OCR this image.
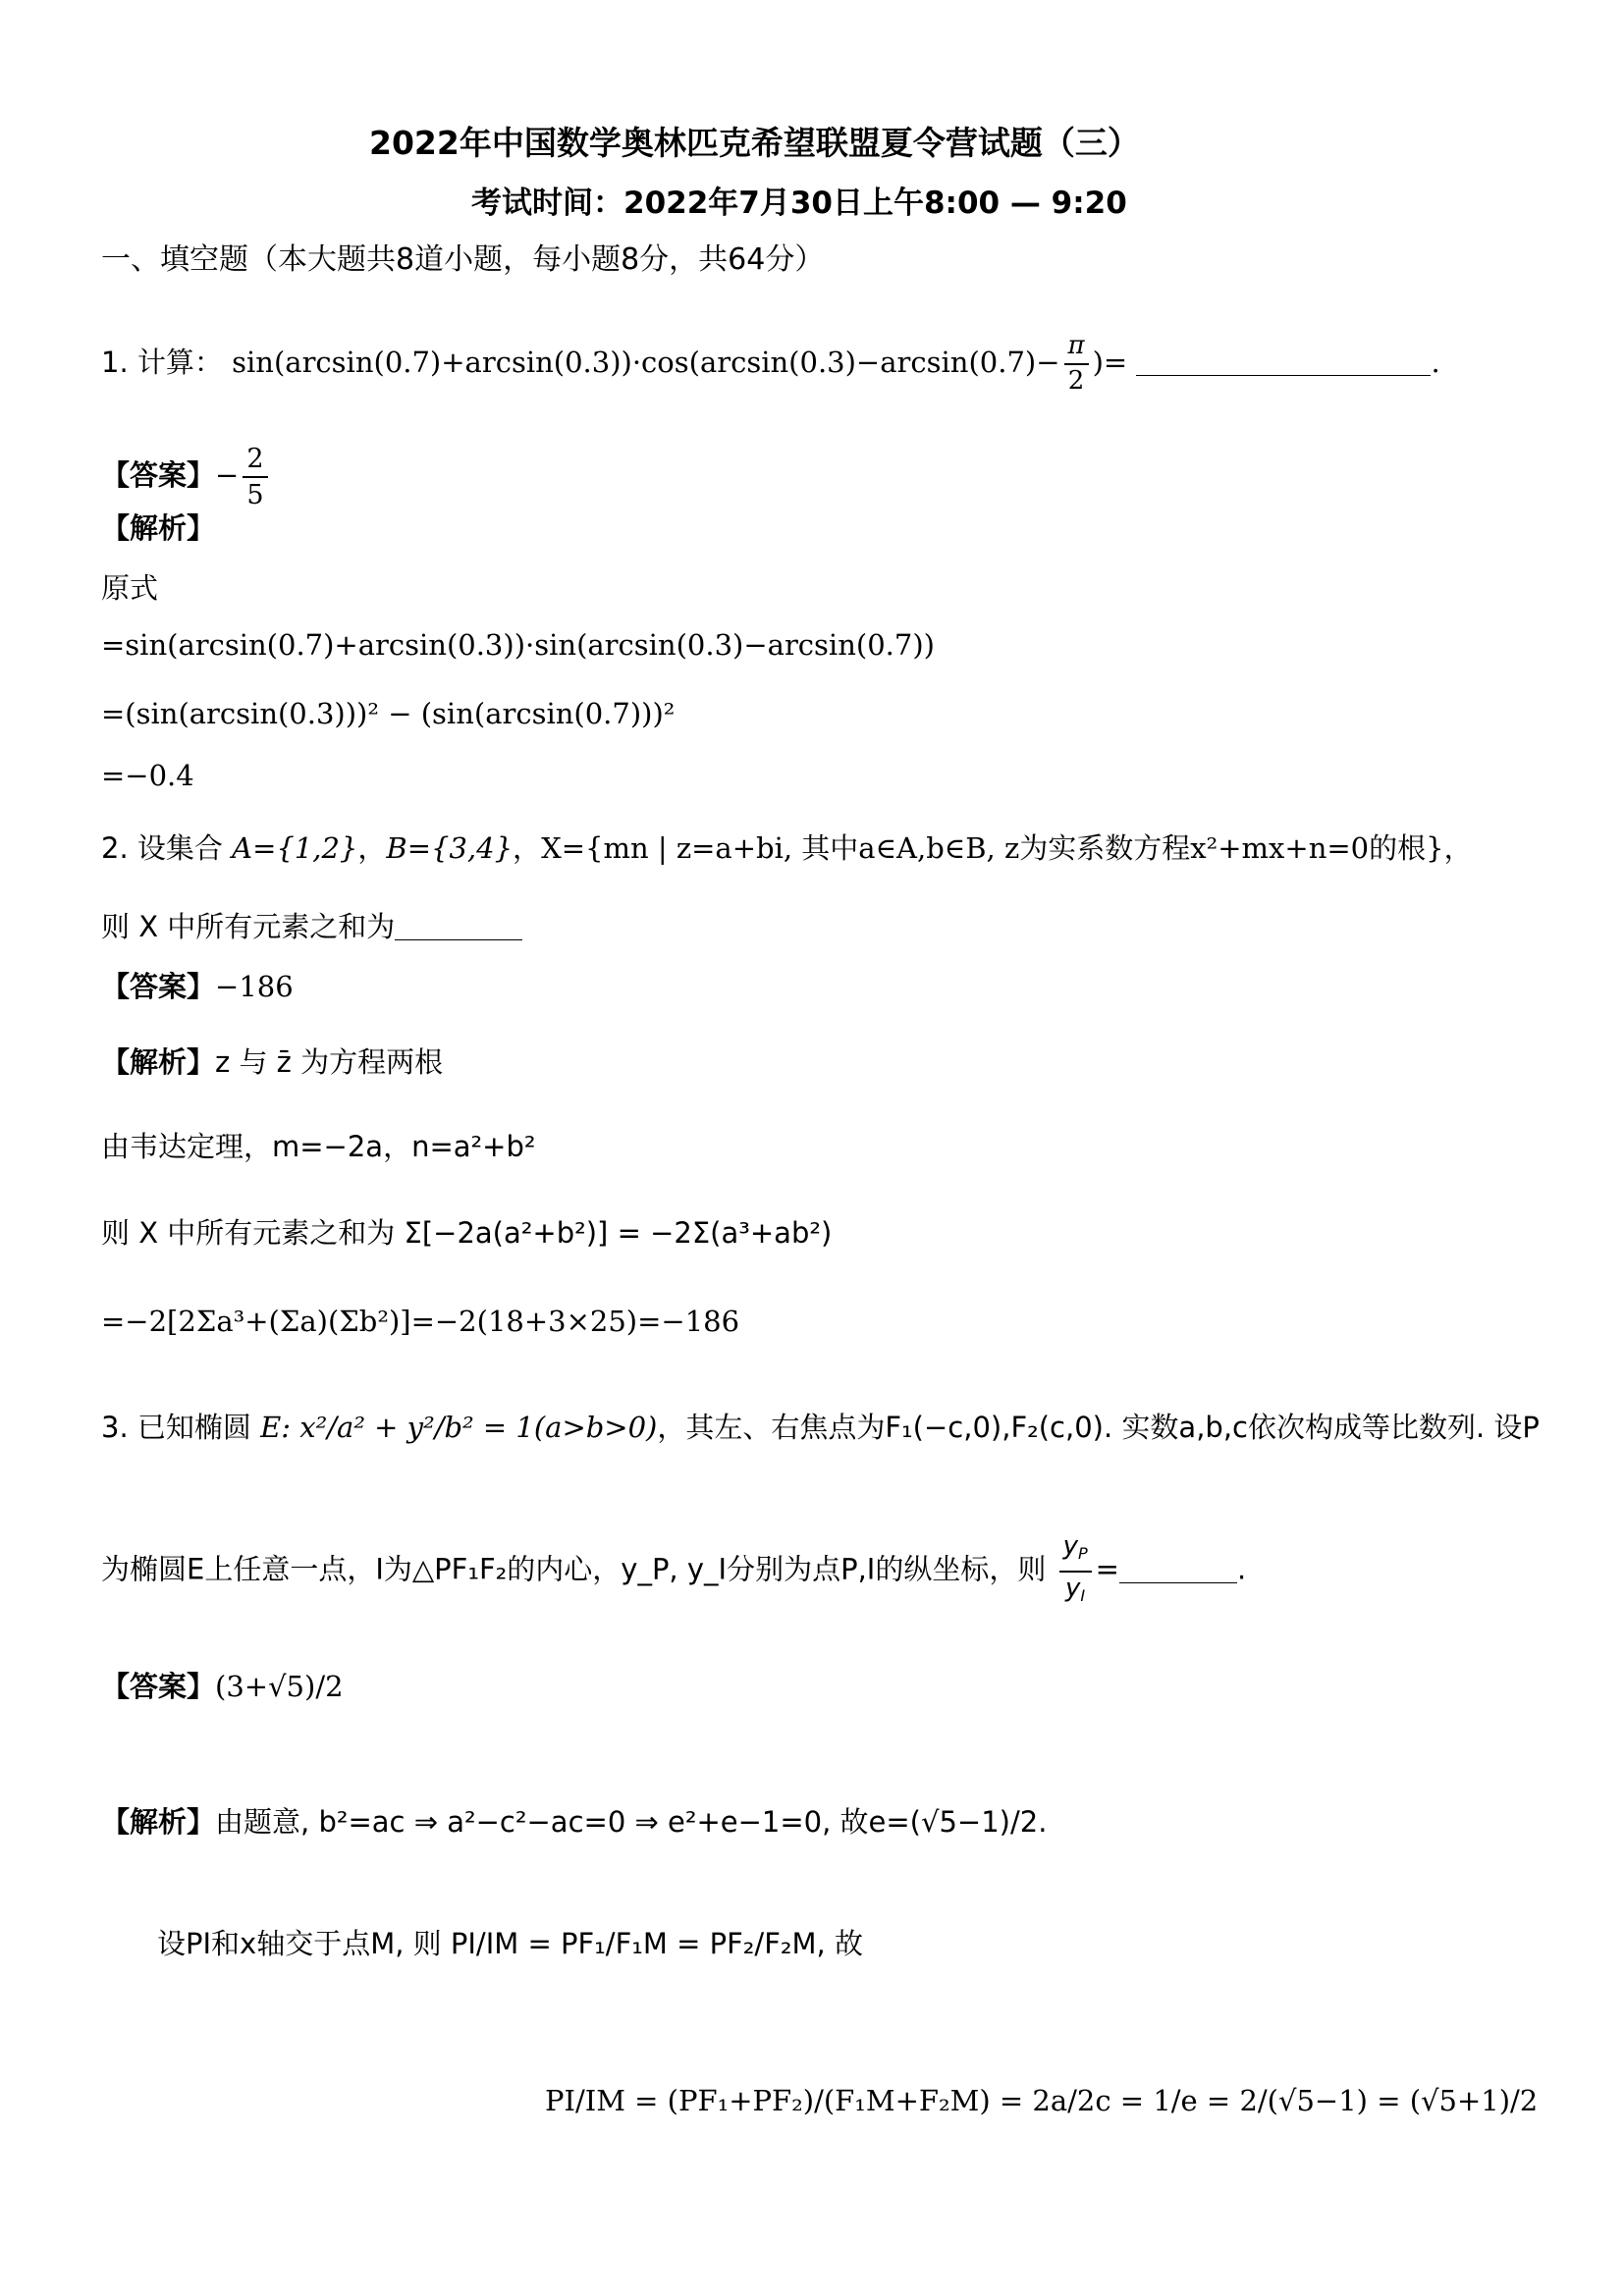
2022年中国数学奥林匹克希望联盟夏令营试题（三）
考试时间：2022年7月30日上午8:00 — 9:20
一、填空题（本大题共8道小题，每小题8分，共64分）
1. 计算： $\sin(\arcsin(0.7)+\arcsin(0.3))\cdot\cos(\arcsin(0.3)-\arcsin(0.7)- \frac{\pi}{2}$ )=	.
【答案】− $\frac{2}{5}$
【解析】
原式
=sin(arcsin(0.7)+arcsin(0.3))·sin(arcsin(0.3)−arcsin(0.7))
=(sin(arcsin(0.3)))² − (sin(arcsin(0.7)))²
=−0.4
2. 设集合 A={1,2}，B={3,4}，X={mn | z=a+bi, 其中a∈A,b∈B, z为实系数方程x²+mx+n=0的根}，
则 X 中所有元素之和为
【答案】−186
【解析】z 与 z̄ 为方程两根
由韦达定理，m=−2a，n=a²+b²
则 X 中所有元素之和为 Σ[−2a(a²+b²)] = −2Σ(a³+ab²)
=−2[2Σa³+(Σa)(Σb²)]=−2(18+3×25)=−186
3. 已知椭圆 E: x²/a² + y²/b² = 1(a>b>0)，其左、右焦点为F₁(−c,0),F₂(c,0). 实数a,b,c依次构成等比数列. 设P
为椭圆E上任意一点，I为△PF₁F₂的内心，y_P, y_I分别为点P,I的纵坐标，则 $\frac{y_P}{y_I}$ =	.
【答案】(3+√5)/2
【解析】由题意, b²=ac ⇒ a²−c²−ac=0 ⇒ e²+e−1=0, 故e=(√5−1)/2.
设PI和x轴交于点M, 则 PI/IM = PF₁/F₁M = PF₂/F₂M, 故
PI/IM = (PF₁+PF₂)/(F₁M+F₂M) = 2a/2c = 1/e = 2/(√5−1) = (√5+1)/2
